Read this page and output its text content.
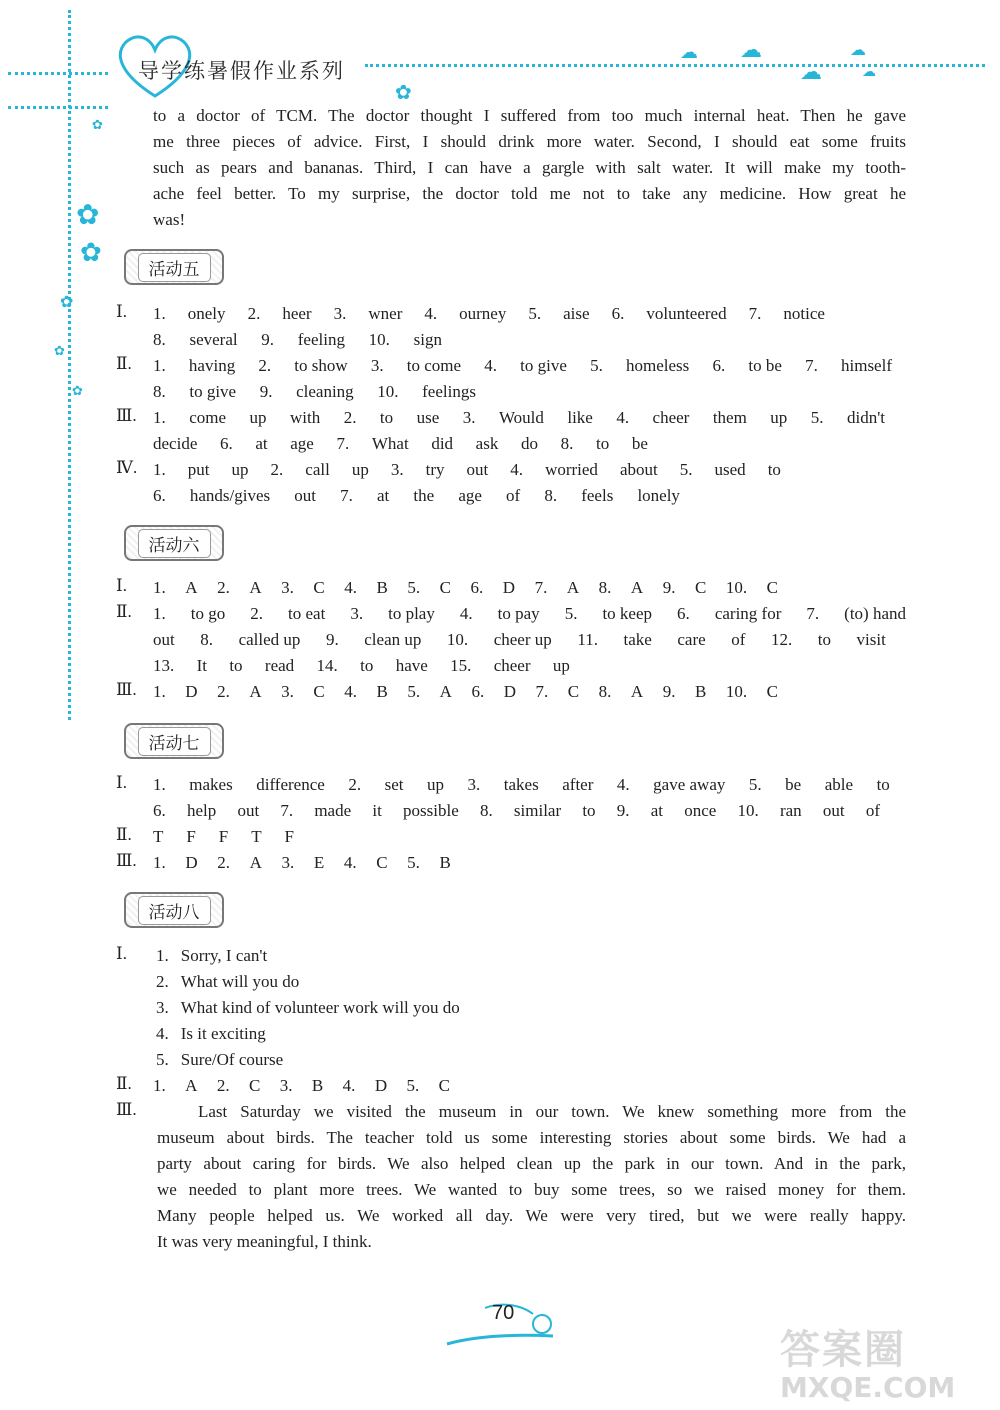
导学练暑假作业系列
✿
✿
✿
✿
✿
✿
✿
☁ ☁
☁
☁
☁
to a doctor of TCM. The doctor thought I suffered from too much internal heat. Then he gave
me three pieces of advice. First, I should drink more water. Second, I should eat some fruits
such as pears and bananas. Third, I can have a gargle with salt water. It will make my tooth-
ache feel better. To my surprise, the doctor told me not to take any medicine. How great he
was!
活动五
Ⅰ. 1. onely 2. heer 3. wner 4. ourney 5. aise 6. volunteered 7. notice
8. several 9. feeling 10. sign
Ⅱ. 1. having 2. to show 3. to come 4. to give 5. homeless 6. to be 7. himself
8. to give 9. cleaning 10. feelings
Ⅲ. 1. come up with 2. to use 3. Would like 4. cheer them up 5. didn't
decide 6. at age 7. What did ask do 8. to be
Ⅳ. 1. put up 2. call up 3. try out 4. worried about 5. used to
6. hands/gives out 7. at the age of 8. feels lonely
活动六
Ⅰ. 1. A 2. A 3. C 4. B 5. C 6. D 7. A 8. A 9. C 10. C
Ⅱ. 1. to go 2. to eat 3. to play 4. to pay 5. to keep 6. caring for 7. (to) hand
out 8. called up 9. clean up 10. cheer up 11. take care of 12. to visit
13. It to read 14. to have 15. cheer up
Ⅲ. 1. D 2. A 3. C 4. B 5. A 6. D 7. C 8. A 9. B 10. C
活动七
Ⅰ. 1. makes difference 2. set up 3. takes after 4. gave away 5. be able to
6. help out 7. made it possible 8. similar to 9. at once 10. ran out of
Ⅱ. T F F T F
Ⅲ. 1. D 2. A 3. E 4. C 5. B
活动八
Ⅰ. 1. Sorry, I can't
2. What will you do
3. What kind of volunteer work will you do
4. Is it exciting
5. Sure/Of course
Ⅱ. 1. A 2. C 3. B 4. D 5. C
Ⅲ.	Last Saturday we visited the museum in our town. We knew something more from the
museum about birds. The teacher told us some interesting stories about some birds. We had a
party about caring for birds. We also helped clean up the park in our town. And in the park,
we needed to plant more trees. We wanted to buy some trees, so we raised money for them.
Many people helped us. We worked all day. We were very tired, but we were really happy.
It was very meaningful, I think.
70
答案圈
MXQE.COM
